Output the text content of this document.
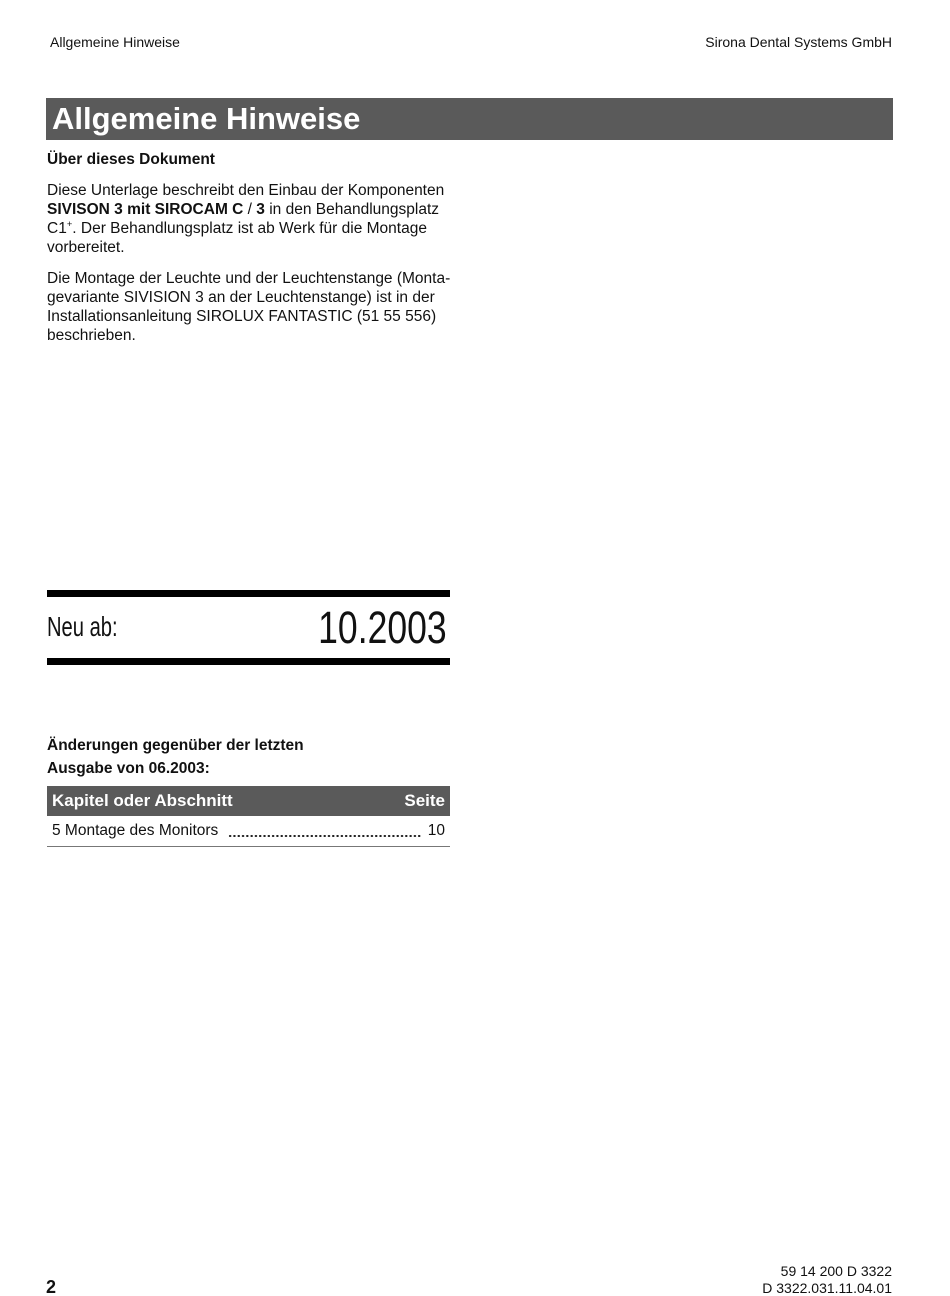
Allgemeine Hinweise	Sirona Dental Systems GmbH
Allgemeine Hinweise
Über dieses Dokument
Diese Unterlage beschreibt den Einbau der Komponenten
SIVISON 3 mit SIROCAM C / 3 in den Behandlungsplatz
C1+. Der Behandlungsplatz ist ab Werk für die Montage
vorbereitet.
Die Montage der Leuchte und der Leuchtenstange (Monta-
gevariante SIVISION 3 an der Leuchtenstange) ist in der
Installationsanleitung SIROLUX FANTASTIC (51 55 556)
beschrieben.
Neu ab:	10.2003
Änderungen gegenüber der letzten
Ausgabe von 06.2003:
Kapitel oder Abschnitt	Seite
5 Montage des Monitors	10
2
59 14 200 D 3322
D 3322.031.11.04.01
